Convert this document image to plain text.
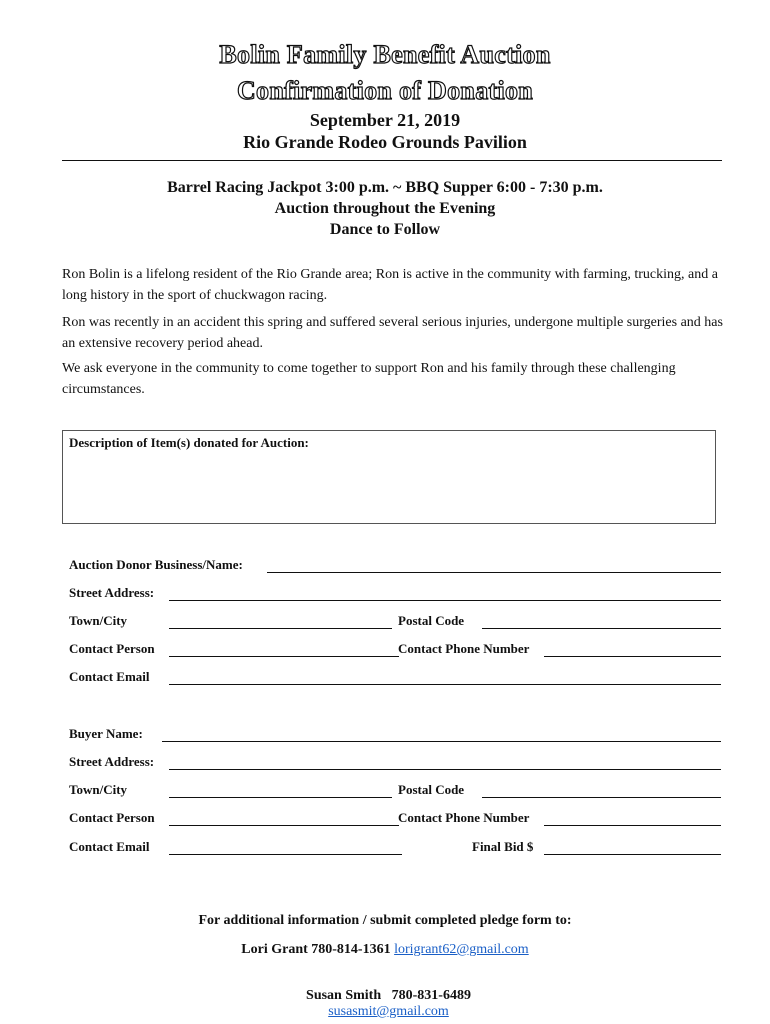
Bolin Family Benefit Auction
Confirmation of Donation
September 21, 2019
Rio Grande Rodeo Grounds Pavilion
Barrel Racing Jackpot 3:00 p.m. ~ BBQ Supper 6:00 - 7:30 p.m.
Auction throughout the Evening
Dance to Follow
Ron Bolin is a lifelong resident of the Rio Grande area; Ron is active in the community with farming, trucking, and a long history in the sport of chuckwagon racing.
Ron was recently in an accident this spring and suffered several serious injuries, undergone multiple surgeries and has an extensive recovery period ahead.
We ask everyone in the community to come together to support Ron and his family through these challenging circumstances.
Description of Item(s) donated for Auction:
Auction Donor Business/Name:
Street Address:
Town/City	Postal Code
Contact Person	Contact Phone Number
Contact Email
Buyer Name:
Street Address:
Town/City	Postal Code
Contact Person	Contact Phone Number
Contact Email	Final Bid $
For additional information / submit completed pledge form to:
Lori Grant 780-814-1361 lorigrant62@gmail.com

Susan Smith   780-831-6489
susasmit@gmail.com
